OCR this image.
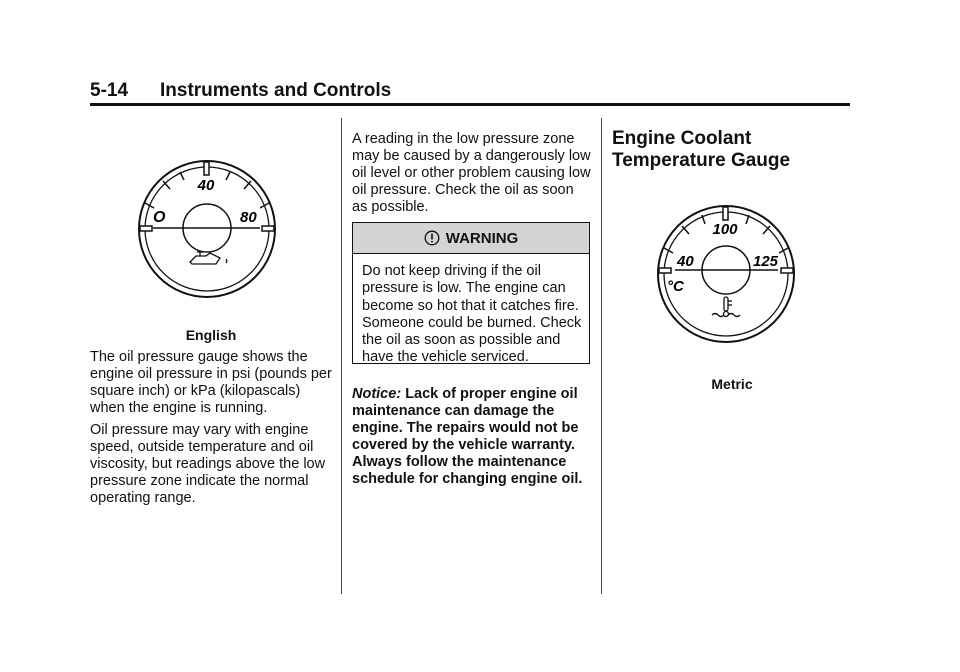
5-14 Instruments and Controls
40
O	80
English

The oil pressure gauge shows the engine oil pressure in psi (pounds per square inch) or kPa (kilopascals) when the engine is running.

Oil pressure may vary with engine speed, outside temperature and oil viscosity, but readings above the low pressure zone indicate the normal operating range.

A reading in the low pressure zone may be caused by a dangerously low oil level or other problem causing low oil pressure. Check the oil as soon as possible.

WARNING
Do not keep driving if the oil pressure is low. The engine can become so hot that it catches fire. Someone could be burned. Check the oil as soon as possible and have the vehicle serviced.
Notice: Lack of proper engine oil maintenance can damage the engine. The repairs would not be covered by the vehicle warranty. Always follow the maintenance schedule for changing engine oil.

Engine Coolant

Temperature Gauge

100
40	125
°C
Metric
